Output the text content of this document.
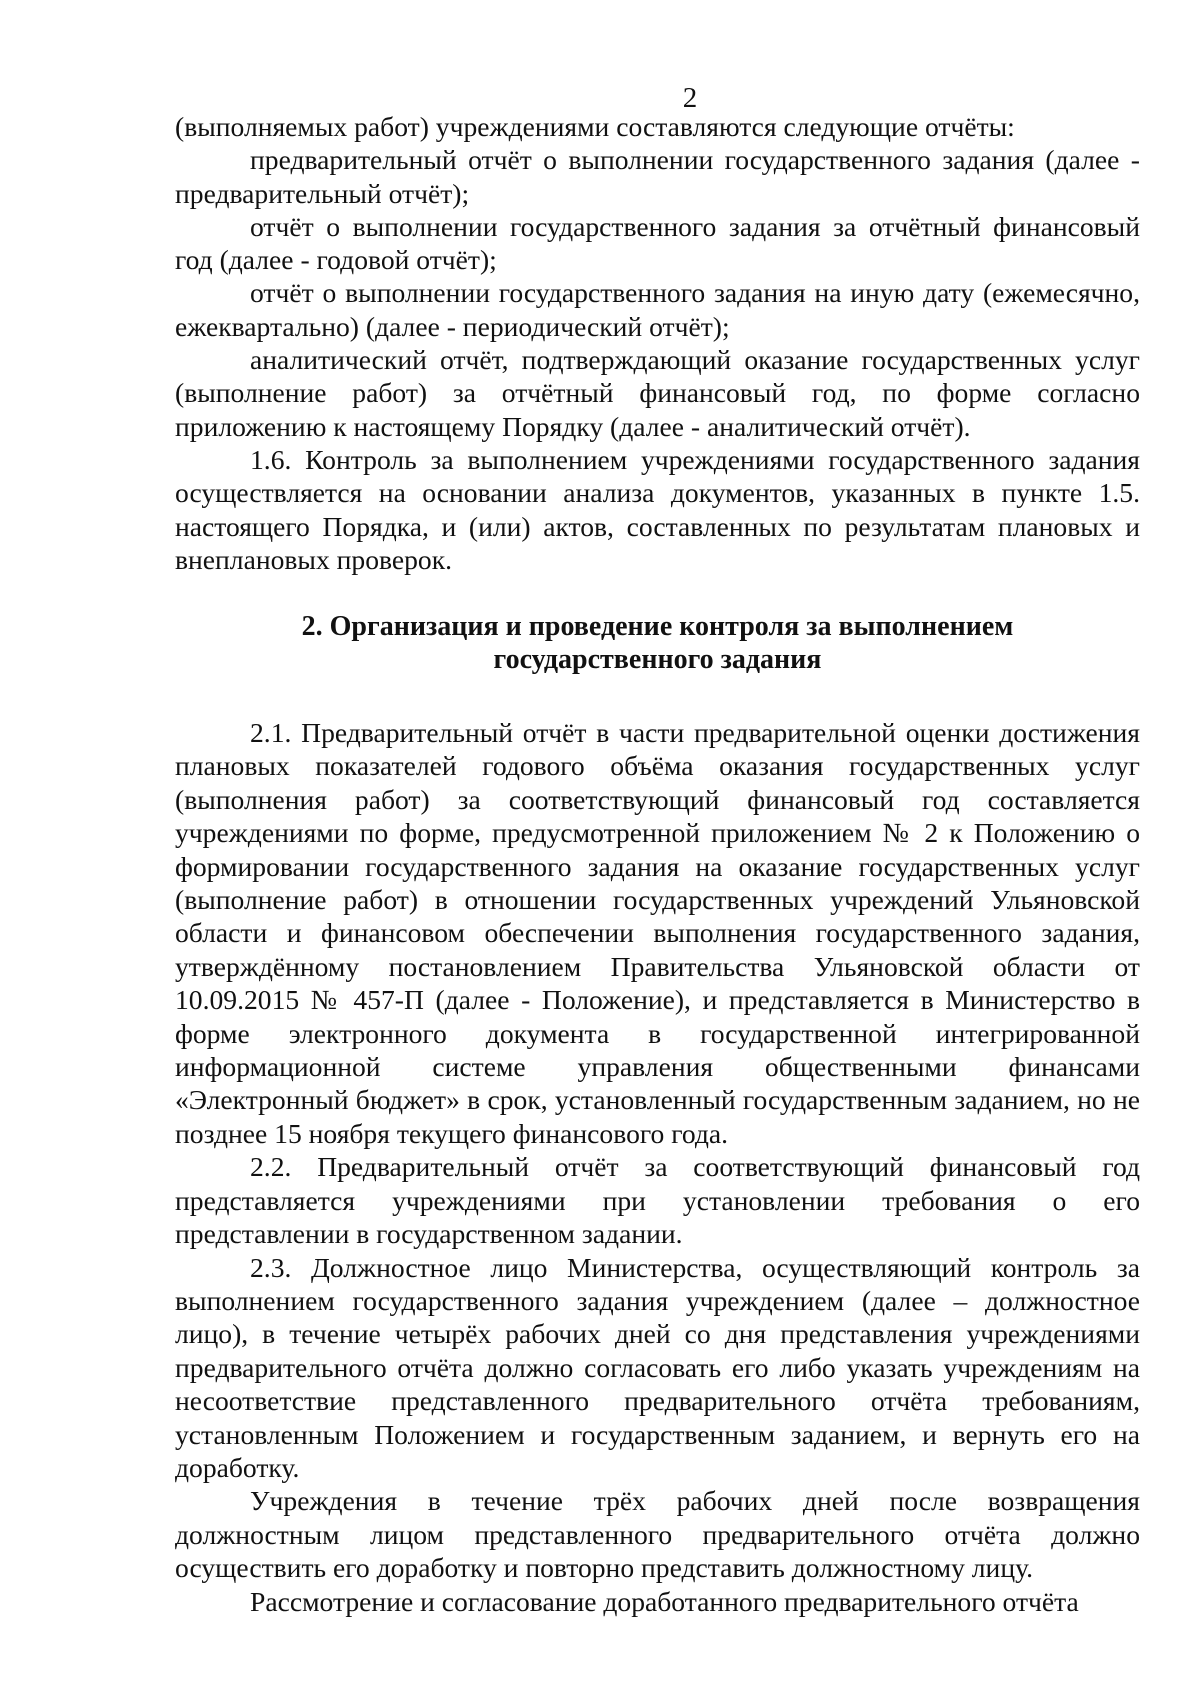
2

(выполняемых работ) учреждениями составляются следующие отчёты:

предварительный отчёт о выполнении государственного задания (далее - предварительный отчёт);

отчёт о выполнении государственного задания за отчётный финансовый год (далее - годовой отчёт);

отчёт о выполнении государственного задания на иную дату (ежемесячно, ежеквартально) (далее - периодический отчёт);

аналитический отчёт, подтверждающий оказание государственных услуг (выполнение работ) за отчётный финансовый год, по форме согласно приложению к настоящему Порядку (далее - аналитический отчёт).

1.6. Контроль за выполнением учреждениями государственного задания осуществляется на основании анализа документов, указанных в пункте 1.5. настоящего Порядка, и (или) актов, составленных по результатам плановых и внеплановых проверок.

2. Организация и проведение контроля за выполнением
государственного задания

2.1. Предварительный отчёт в части предварительной оценки достижения плановых показателей годового объёма оказания государственных услуг (выполнения работ) за соответствующий финансовый год составляется учреждениями по форме, предусмотренной приложением № 2 к Положению о формировании государственного задания на оказание государственных услуг (выполнение работ) в отношении государственных учреждений Ульяновской области и финансовом обеспечении выполнения государственного задания, утверждённому постановлением Правительства Ульяновской области от 10.09.2015 № 457-П (далее - Положение), и представляется в Министерство в форме электронного документа в государственной интегрированной информационной системе управления общественными финансами «Электронный бюджет» в срок, установленный государственным заданием, но не позднее 15 ноября текущего финансового года.

2.2. Предварительный отчёт за соответствующий финансовый год представляется учреждениями при установлении требования о его представлении в государственном задании.

2.3. Должностное лицо Министерства, осуществляющий контроль за выполнением государственного задания учреждением (далее – должностное лицо), в течение четырёх рабочих дней со дня представления учреждениями предварительного отчёта должно согласовать его либо указать учреждениям на несоответствие представленного предварительного отчёта требованиям, установленным Положением и государственным заданием, и вернуть его на доработку.

Учреждения в течение трёх рабочих дней после возвращения должностным лицом представленного предварительного отчёта должно осуществить его доработку и повторно представить должностному лицу.

Рассмотрение и согласование доработанного предварительного отчёта
